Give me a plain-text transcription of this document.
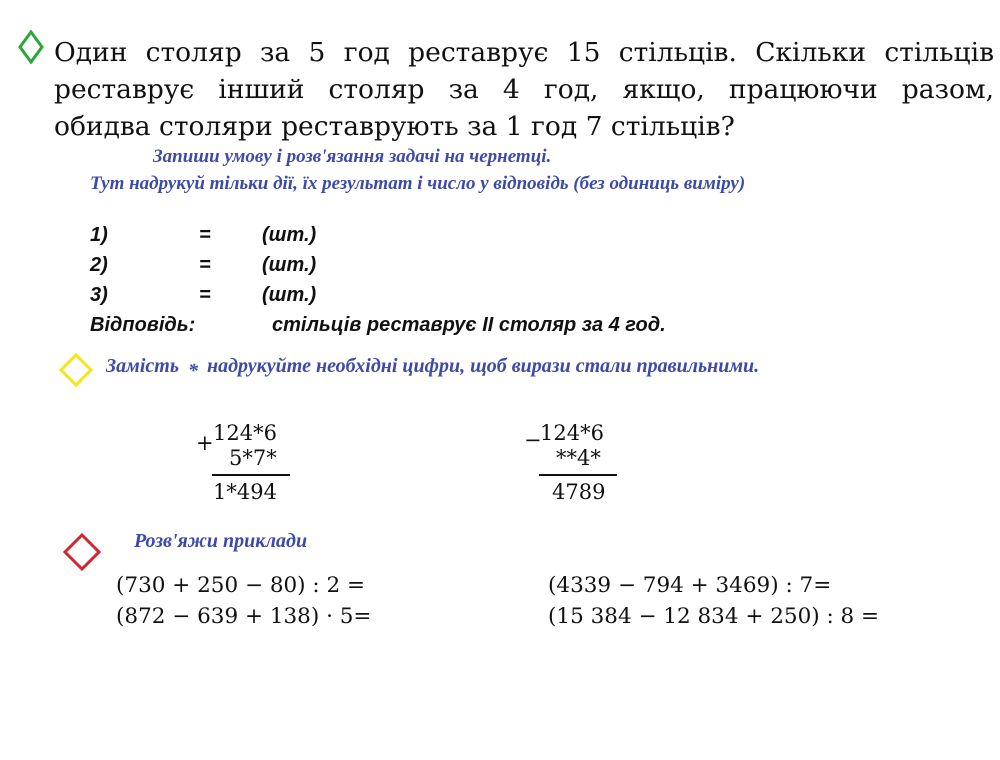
Один столяр за 5 год реставрує 15 стільців. Скільки стільців
реставрує інший столяр за 4 год, якщо, працюючи разом,
обидва столяри реставрують за 1 год 7 стільців?
Запиши умову і розв'язання задачі на чернетці.
Тут надрукуй тільки дії, їх результат і число у відповідь (без одиниць виміру)
1)	=	(шт.)
2)	=	(шт.)
3)	=	(шт.)
Відповідь:	стільців реставрує ІІ столяр за 4 год.
Замість * надрукуйте необхідні цифри, щоб вирази стали правильними.
+ 124*6
5*7*
1*494
−
124*6
**4*
4789
Розв'яжи приклади
(730 + 250 − 80) : 2 =
(872 − 639 + 138) · 5=
(4339 − 794 + 3469) : 7=
(15 384 − 12 834 + 250) : 8 =
